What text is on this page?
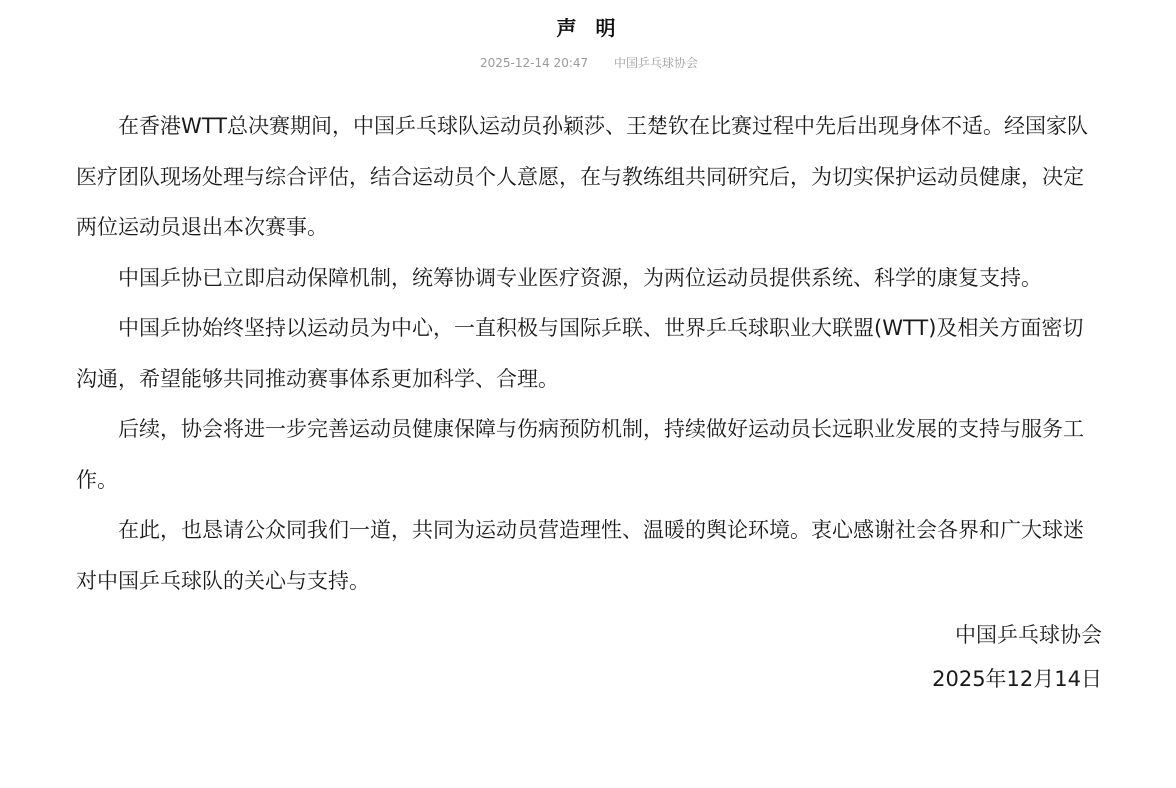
声 明
2025-12-14 20:47 中国乒乓球协会

在香港WTT总决赛期间，中国乒乓球队运动员孙颖莎、王楚钦在比赛过程中先后出现身体不适。经国家队医疗团队现场处理与综合评估，结合运动员个人意愿，在与教练组共同研究后，为切实保护运动员健康，决定两位运动员退出本次赛事。

中国乒协已立即启动保障机制，统筹协调专业医疗资源，为两位运动员提供系统、科学的康复支持。

中国乒协始终坚持以运动员为中心，一直积极与国际乒联、世界乒乓球职业大联盟(WTT)及相关方面密切沟通，希望能够共同推动赛事体系更加科学、合理。

后续，协会将进一步完善运动员健康保障与伤病预防机制，持续做好运动员长远职业发展的支持与服务工作。

在此，也恳请公众同我们一道，共同为运动员营造理性、温暖的舆论环境。衷心感谢社会各界和广大球迷对中国乒乓球队的关心与支持。

中国乒乓球协会
2025年12月14日
